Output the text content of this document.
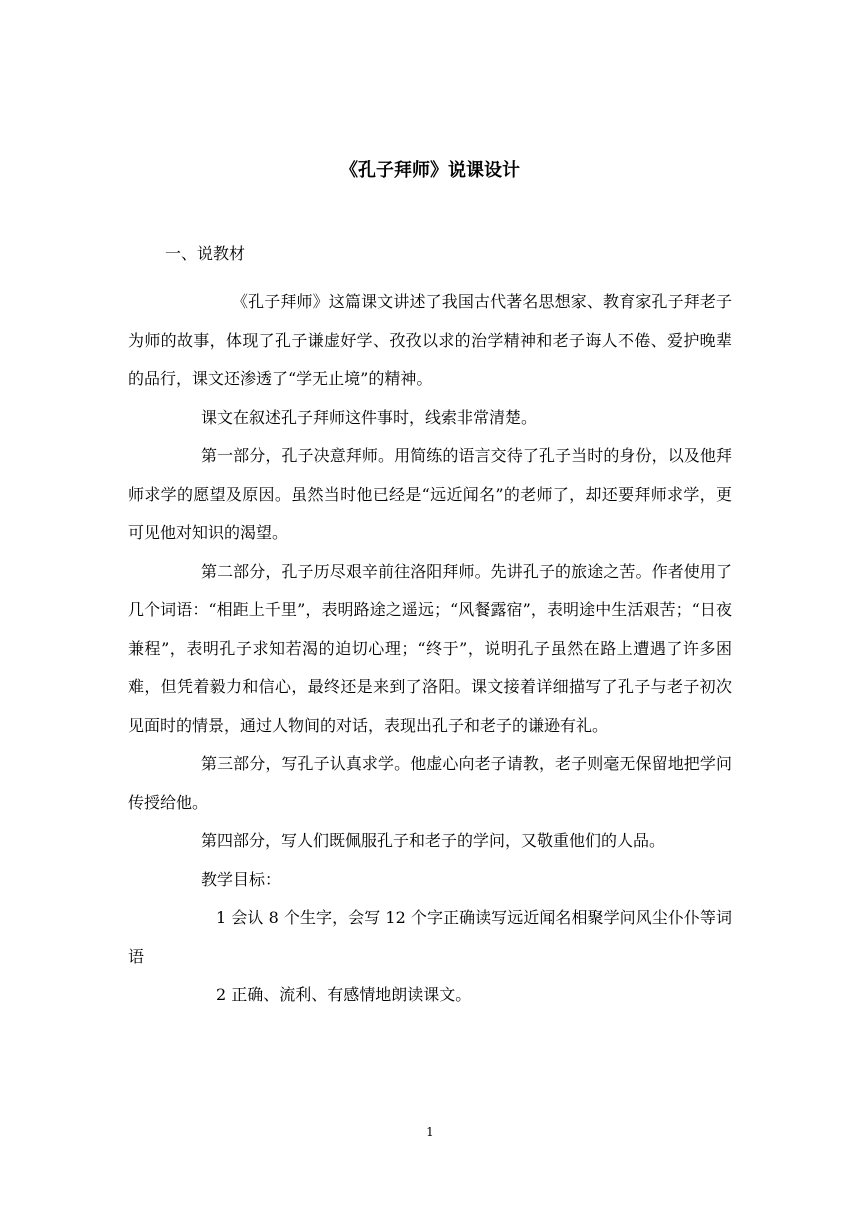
《孔子拜师》说课设计
一、说教材

《孔子拜师》这篇课文讲述了我国古代著名思想家、教育家孔子拜老子为师的故事，体现了孔子谦虚好学、孜孜以求的治学精神和老子诲人不倦、爱护晚辈的品行，课文还渗透了“学无止境”的精神。

课文在叙述孔子拜师这件事时，线索非常清楚。

第一部分，孔子决意拜师。用简练的语言交待了孔子当时的身份，以及他拜师求学的愿望及原因。虽然当时他已经是“远近闻名”的老师了，却还要拜师求学，更可见他对知识的渴望。

第二部分，孔子历尽艰辛前往洛阳拜师。先讲孔子的旅途之苦。作者使用了几个词语：“相距上千里”，表明路途之遥远；“风餐露宿”，表明途中生活艰苦；“日夜兼程”，表明孔子求知若渴的迫切心理；“终于”，说明孔子虽然在路上遭遇了许多困难，但凭着毅力和信心，最终还是来到了洛阳。课文接着详细描写了孔子与老子初次见面时的情景，通过人物间的对话，表现出孔子和老子的谦逊有礼。

第三部分，写孔子认真求学。他虚心向老子请教，老子则毫无保留地把学问传授给他。

第四部分，写人们既佩服孔子和老子的学问，又敬重他们的人品。

教学目标：

1 会认 8 个生字，会写 12 个字正确读写远近闻名相聚学问风尘仆仆等词语

2 正确、流利、有感情地朗读课文。

1
